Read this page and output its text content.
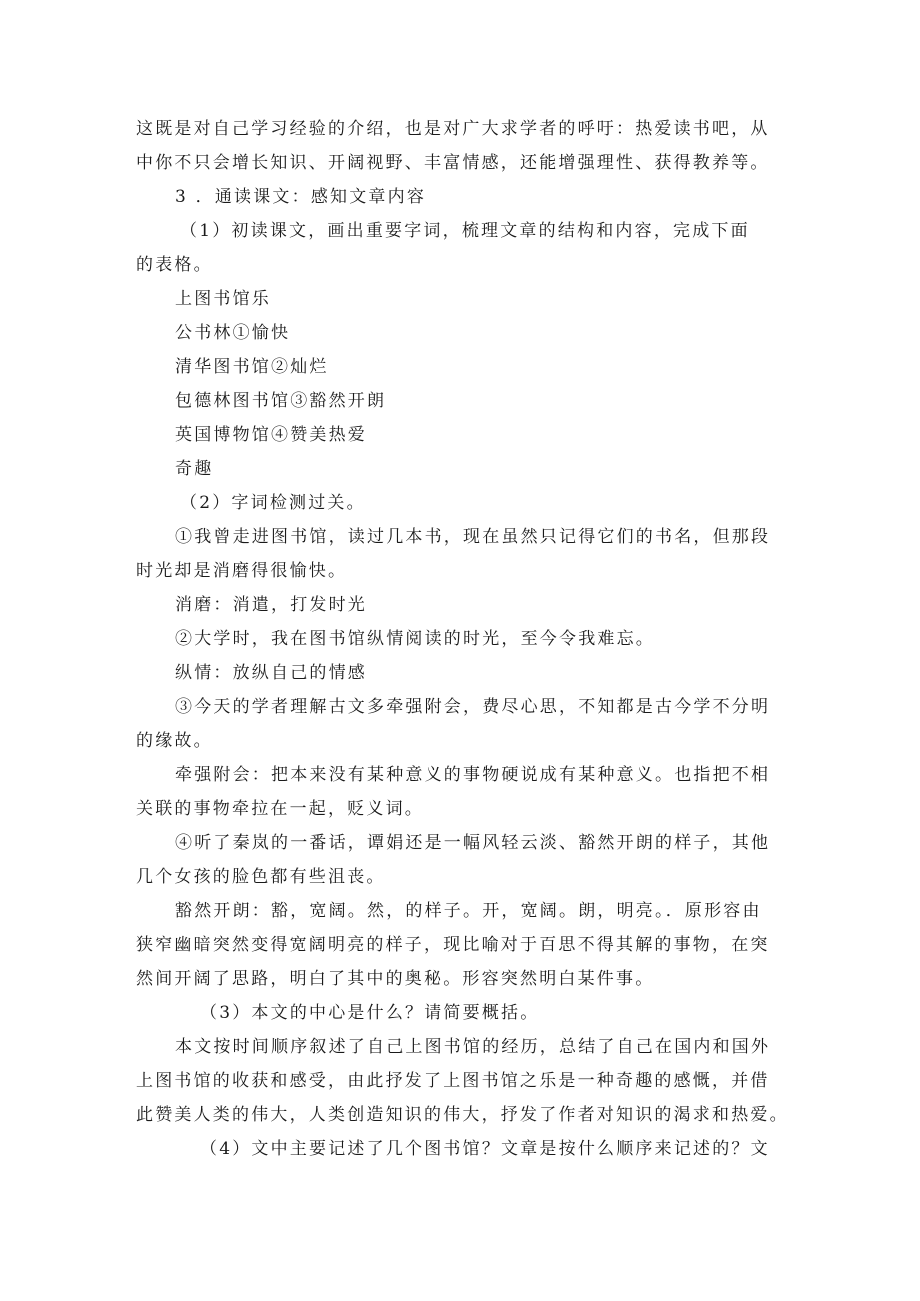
这既是对自己学习经验的介绍，也是对广大求学者的呼吁：热爱读书吧，从
中你不只会增长知识、开阔视野、丰富情感，还能增强理性、获得教养等。
3 ．通读课文：感知文章内容
（1）初读课文，画出重要字词，梳理文章的结构和内容，完成下面
的表格。
上图书馆乐
公书林①愉快
清华图书馆②灿烂
包德林图书馆③豁然开朗
英国博物馆④赞美热爱
奇趣
（2）字词检测过关。
①我曾走进图书馆，读过几本书，现在虽然只记得它们的书名，但那段
时光却是消磨得很愉快。
消磨：消遣，打发时光
②大学时，我在图书馆纵情阅读的时光，至今令我难忘。
纵情：放纵自己的情感
③今天的学者理解古文多牵强附会，费尽心思，不知都是古今学不分明
的缘故。
牵强附会：把本来没有某种意义的事物硬说成有某种意义。也指把不相
关联的事物牵拉在一起，贬义词。
④听了秦岚的一番话，谭娟还是一幅风轻云淡、豁然开朗的样子，其他
几个女孩的脸色都有些沮丧。
豁然开朗：豁，宽阔。然，的样子。开，宽阔。朗，明亮。．原形容由
狭窄幽暗突然变得宽阔明亮的样子，现比喻对于百思不得其解的事物，在突
然间开阔了思路，明白了其中的奥秘。形容突然明白某件事。
（3）本文的中心是什么？请简要概括。
本文按时间顺序叙述了自己上图书馆的经历，总结了自己在国内和国外
上图书馆的收获和感受，由此抒发了上图书馆之乐是一种奇趣的感慨，并借
此赞美人类的伟大，人类创造知识的伟大，抒发了作者对知识的渴求和热爱。
（4）文中主要记述了几个图书馆？文章是按什么顺序来记述的？文
